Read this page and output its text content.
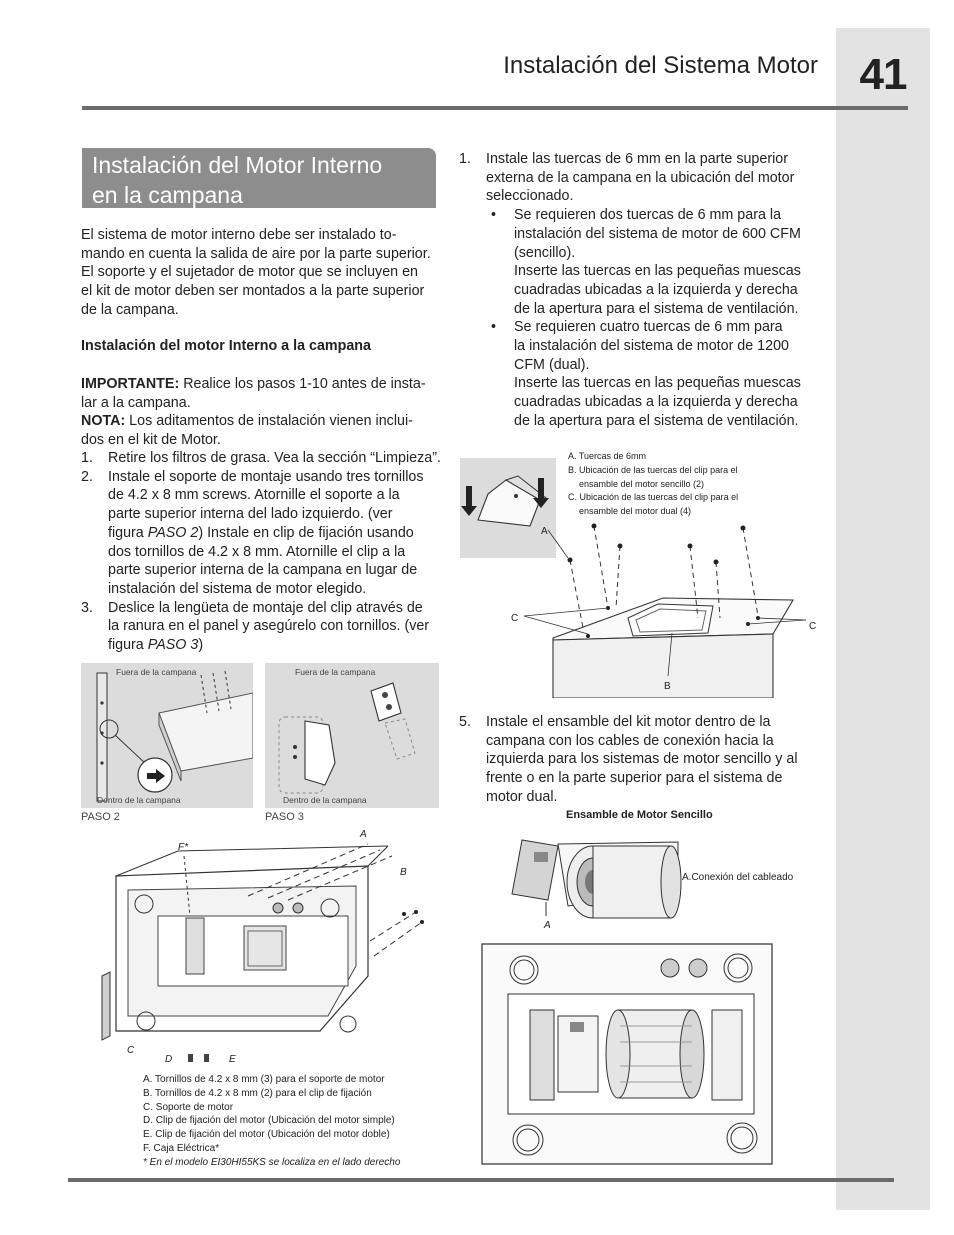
41
Instalación del Sistema Motor
Instalación del Motor Interno
en la campana
El sistema de motor interno debe ser instalado to-
mando en cuenta la salida de aire por la parte superior.
El soporte y el sujetador de motor que se incluyen en
el kit de motor deben ser montados a la parte superior
de la campana.
Instalación del motor Interno a la campana
IMPORTANTE: Realice los pasos 1-10 antes de insta-
lar a la campana.
NOTA: Los aditamentos de instalación vienen inclui-
dos en el kit de Motor.
1. Retire los filtros de grasa. Vea la sección “Limpieza”.
2. Instale el soporte de montaje usando tres tornillos
de 4.2 x 8 mm screws. Atornille el soporte a la
parte superior interna del lado izquierdo. (ver
figura PASO 2) Instale en clip de fijación usando
dos tornillos de 4.2 x 8 mm. Atornille el clip a la
parte superior interna de la campana en lugar de
instalación del sistema de motor elegido.
3. Deslice la lengüeta de montaje del clip através de
la ranura en el panel y asegúrelo con tornillos. (ver
figura PASO 3)
Fuera de la campana
Dentro de la campana
PASO 2
Fuera de la campana
Dentro de la campana
PASO 3
A
F*
B
C
D	E
A. Tornillos de 4.2 x 8 mm (3) para el soporte de motor
B. Tornillos de 4.2 x 8 mm (2) para el clip de fijación
C. Soporte de motor
D. Clip de fijación del motor (Ubicación del motor simple)
E. Clip de fijación del motor (Ubicación del motor doble)
F. Caja Eléctrica*
* En el modelo EI30HI55KS se localiza en el lado derecho
1. Instale las tuercas de 6 mm en la parte superior
externa de la campana en la ubicación del motor
seleccionado.
• Se requieren dos tuercas de 6 mm para la
instalación del sistema de motor de 600 CFM
(sencillo).
Inserte las tuercas en las pequeñas muescas
cuadradas ubicadas a la izquierda y derecha
de la apertura para el sistema de ventilación.
• Se requieren cuatro tuercas de 6 mm para
la instalación del sistema de motor de 1200
CFM (dual).
Inserte las tuercas en las pequeñas muescas
cuadradas ubicadas a la izquierda y derecha
de la apertura para el sistema de ventilación.
A. Tuercas de 6mm
B. Ubicación de las tuercas del clip para el
ensamble del motor sencillo (2)
C. Ubicación de las tuercas del clip para el
ensamble del motor dual (4)
A
C
C
B
5. Instale el ensamble del kit motor dentro de la
campana con los cables de conexión hacia la
izquierda para los sistemas de motor sencillo y al
frente o en la parte superior para el sistema de
motor dual.
Ensamble de Motor Sencillo
A
A.Conexión del cableado
